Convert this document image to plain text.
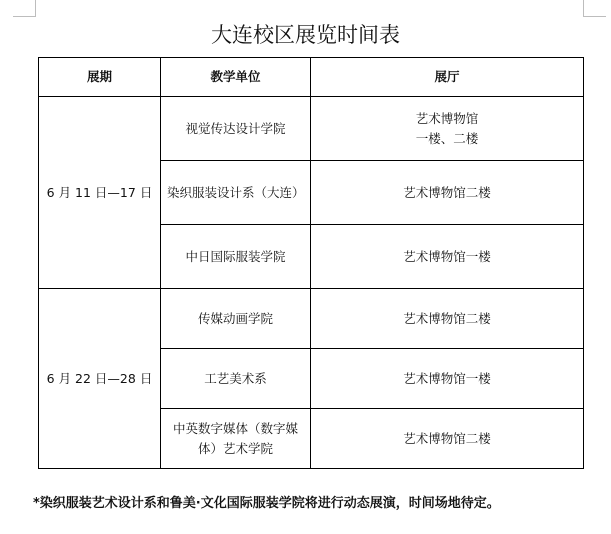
大连校区展览时间表
展期	教学单位	展厅
6 月 11 日—17 日	视觉传达设计学院	艺术博物馆
一楼、二楼
	染织服装设计系（大连）	艺术博物馆二楼
	中日国际服装学院	艺术博物馆一楼
6 月 22 日—28 日	传媒动画学院	艺术博物馆二楼
	工艺美术系	艺术博物馆一楼
	中英数字媒体（数字媒体）艺术学院	艺术博物馆二楼
*染织服装艺术设计系和鲁美·文化国际服装学院将进行动态展演，时间场地待定。
